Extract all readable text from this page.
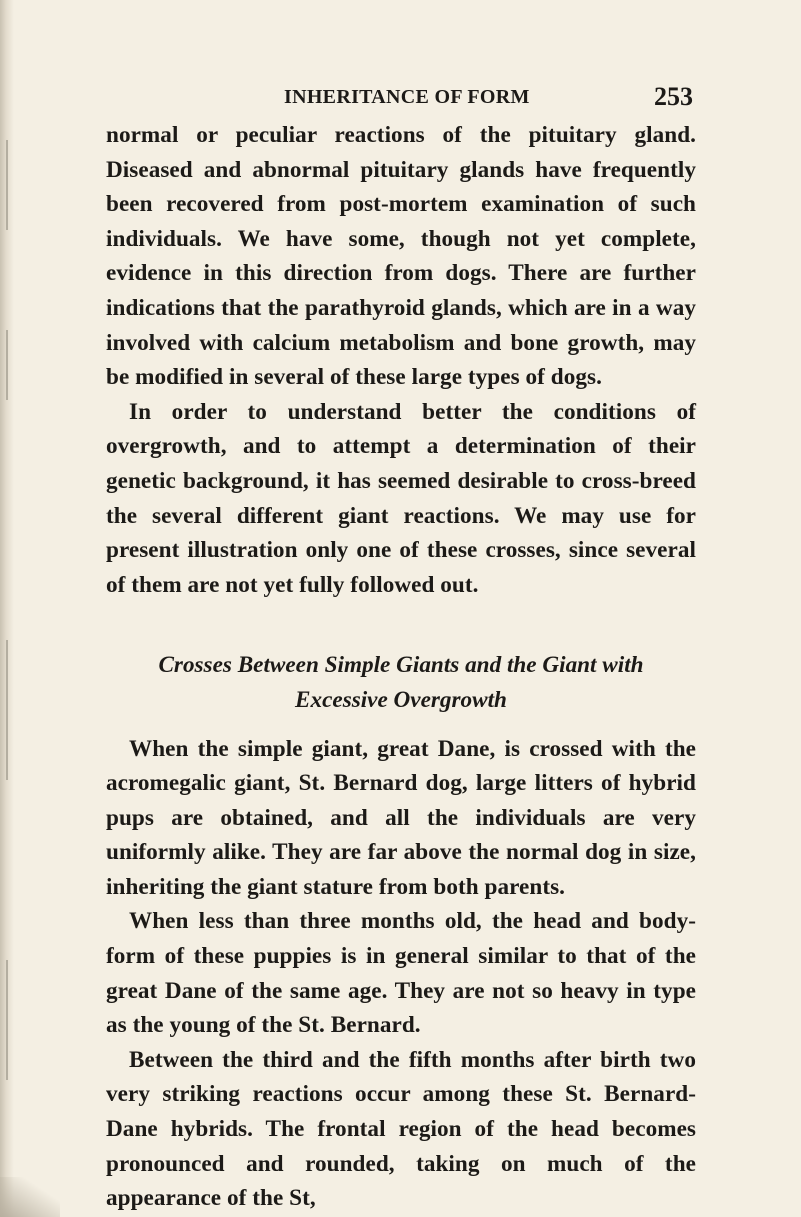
INHERITANCE OF FORM	253

normal or peculiar reactions of the pituitary gland. Diseased and abnormal pituitary glands have frequently been recovered from post-mortem examination of such individuals. We have some, though not yet complete, evidence in this direction from dogs. There are further indications that the parathyroid glands, which are in a way involved with calcium metabolism and bone growth, may be modified in several of these large types of dogs.

In order to understand better the conditions of overgrowth, and to attempt a determination of their genetic background, it has seemed desirable to cross-breed the several different giant reactions. We may use for present illustration only one of these crosses, since several of them are not yet fully followed out.

Crosses Between Simple Giants and the Giant with
Excessive Overgrowth

When the simple giant, great Dane, is crossed with the acromegalic giant, St. Bernard dog, large litters of hybrid pups are obtained, and all the individuals are very uniformly alike. They are far above the normal dog in size, inheriting the giant stature from both parents.

When less than three months old, the head and body-form of these puppies is in general similar to that of the great Dane of the same age. They are not so heavy in type as the young of the St. Bernard.

Between the third and the fifth months after birth two very striking reactions occur among these St. Bernard-Dane hybrids. The frontal region of the head becomes pronounced and rounded, taking on much of the appearance of the St,
